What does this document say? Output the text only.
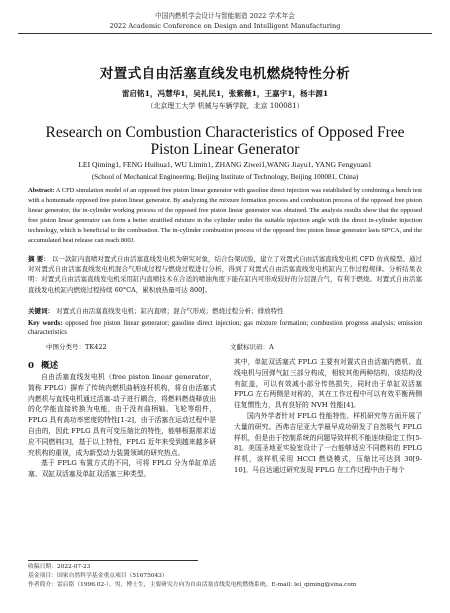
中国内燃机学会设计与智能制造 2022 学术年会
2022 Academic Conference on Design and Intelligent Manufacturing
对置式自由活塞直线发电机燃烧特性分析
雷启铭1，冯慧华1，吴礼民1，张紫薇1，王嘉宇1，杨丰源1
（北京理工大学 机械与车辆学院，北京 100081）
Research on Combustion Characteristics of Opposed Free
Piston Linear Generator
LEI Qiming1, FENG Huihua1, WU Limin1, ZHANG Ziwei1,WANG Jiayu1, YANG Fengyuan1
(School of Mechanical Engineering, Beijing Institute of Technology, Beijing 100081, China)
Abstract: A CFD simulation model of an opposed free piston linear generator with gasoline direct injection was established by combining a bench test with a homemade opposed free piston linear generator. By analyzing the mixture formation process and combustion process of the opposed free piston linear generator, the in-cylinder working process of the opposed free piston linear generator was obtained. The analysis results show that the opposed free piston linear generator can form a better stratified mixture in the cylinder under the suitable injection angle with the direct in-cylinder injection technology, which is beneficial to the combustion. The in-cylinder combustion process of the opposed free piston linear generator lasts 60°CA, and the accumulated heat release can reach 800J.
摘 要： 以一款缸内直喷对置式自由活塞直线发电机为研究对象，结合台架试验，建立了对置式自由活塞直线发电机 CFD 仿真模型。通过对对置式自由活塞直线发电机混合气形成过程与燃烧过程进行分析，得到了对置式自由活塞直线发电机缸内工作过程规律。分析结果表明：对置式自由活塞直线发电机采用缸内直喷技术在合适的喷油角度下能在缸内可形成较好的分层混合气，有利于燃烧。对置式自由活塞直线发电机缸内燃烧过程持续 60°CA，累积放热量可达 800J。
关键词： 对置式自由活塞直线发电机；缸内直喷；混合气形成；燃烧过程分析；排放特性
Key words: opposed free piston linear generator; gasoline direct injection; gas mixture formation; combustion progress analysis; emission characteristics
中图分类号：TK422	文献标识码：A
0 概述
自由活塞直线发电机（free piston linear generator，简称 FPLG）摒弃了传统内燃机曲柄连杆机构，将自由活塞式内燃机与直线电机通过活塞-动子进行耦合，将燃料燃烧释放出的化学能直接转换为电能，由于没有曲柄轴、飞轮等组件，FPLG 具有高功率密度的特性[1-2]，由于活塞在运动过程中是自由的，因此 FPLG 具有可变压缩比的特性，能够根据需求适应不同燃料[3]，基于以上特性，FPLG 近年来受到越来越多研究机构的重视，成为新型动力装置领域的研究热点。
基于 FPLG 布置方式的不同，可将 FPLG 分为单缸单活塞、双缸双活塞及单缸双活塞三种类型。
其中，单缸双活塞式 FPLG 主要有对置式自由活塞内燃机、直线电机与回弹气缸三部分构成，相较其他两种结构，该结构没有缸盖，可以有效减小部分传热损失，同时由于单缸双活塞 FPLG 左右两侧是对称的，其在工作过程中可以有效平衡两侧往复惯性力，具有良好的 NVH 性能[4]。
国内外学者针对 FPLG 性能特性、样机研究等方面开展了大量的研究。西弗吉尼亚大学最早成功研发了自然吸气 FPLG 样机，但是由于控制系统的问题导致样机不能连续稳定工作[5-8]。美国圣地亚实验室设计了一台能够适应不同燃料的 FPLG 样机，该样机采用 HCCI 燃烧模式，压缩比可达到 30[9-10]。马自达通过研究发现 FPLG 在工作过程中由于每个
收稿日期：2022-07-23
基金项目：国家自然科学基金重点项目（51675043）
作者简介：雷启铭（1996.02-），男，博士生，主要研究方向为自由活塞直线发电机燃烧系统。E-mail: lei_qiming@sina.com
